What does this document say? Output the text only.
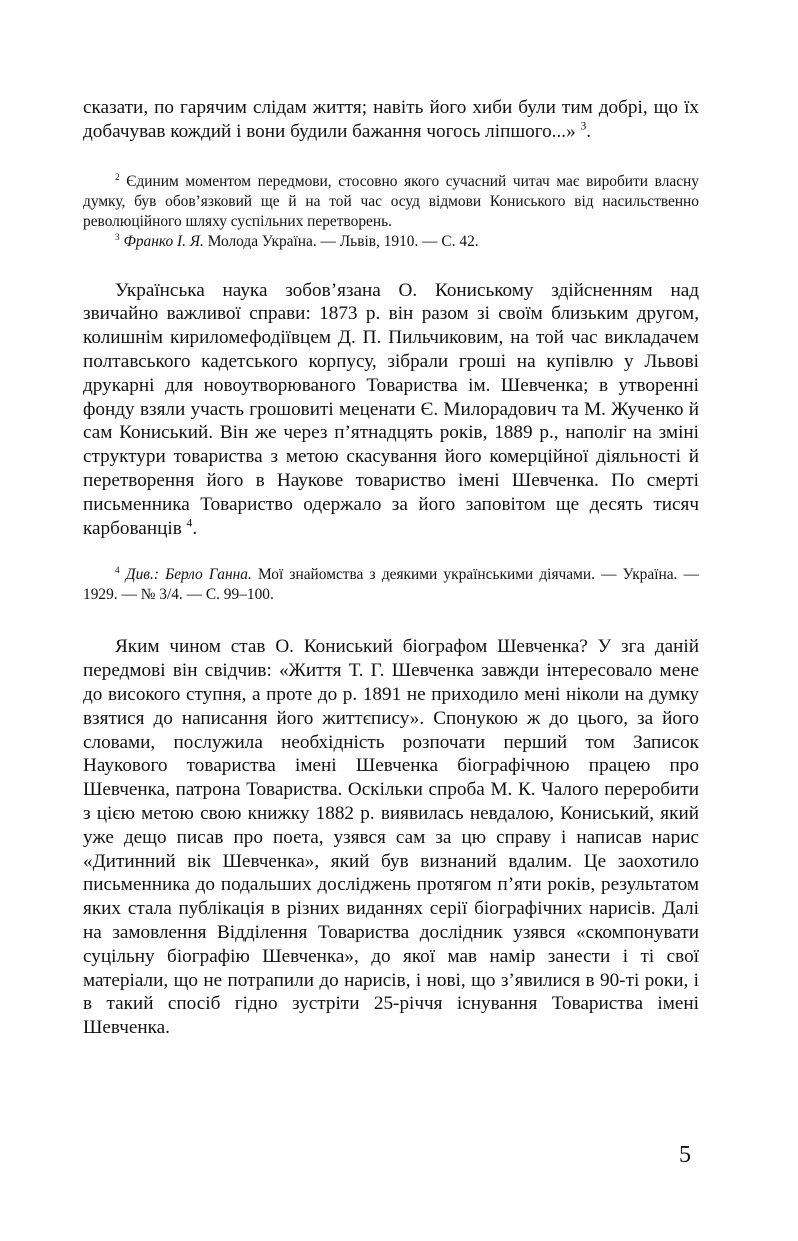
сказати, по гарячим слідам життя; навіть його хиби були тим добрі, що їх добачував кождий і вони будили бажання чогось ліпшого...» $^3$.

$^2$ Єдиним моментом передмови, стосовно якого сучасний читач має виробити власну думку, був обов’язковий ще й на той час осуд відмови Кониського від насильственно революційного шляху суспільних перетворень.

$^3$ Франко І. Я. Молода Україна. — Львів, 1910. — С. 42.

Українська наука зобов’язана О. Кониському здійсненням над звичайно важливої справи: 1873 р. він разом зі своїм близьким другом, колишнім кириломефодіївцем Д. П. Пильчиковим, на той час викладачем полтавського кадетського корпусу, зібрали гроші на купівлю у Львові друкарні для новоутворюваного Товариства ім. Шевченка; в утворенні фонду взяли участь грошовиті меценати Є. Милорадович та М. Жученко й сам Кониський. Він же через п’ятнадцять років, 1889 р., наполіг на зміні структури товариства з метою скасування його комерційної діяльності й перетворення його в Наукове товариство імені Шевченка. По смерті письменника Товариство одержало за його заповітом ще десять тисяч карбованців $^4$.

$^4$ Див.: Берло Ганна. Мої знайомства з деякими українськими діячами. — Україна. — 1929. — № 3/4. — С. 99–100.

Яким чином став О. Кониський біографом Шевченка? У зга даній передмові він свідчив: «Життя Т. Г. Шевченка завжди інтересовало мене до високого ступня, а проте до р. 1891 не приходило мені ніколи на думку взятися до написання його життєпису». Спонукою ж до цього, за його словами, послужила необхідність розпочати перший том Записок Наукового товариства імені Шевченка біографічною працею про Шевченка, патрона Товариства. Оскільки спроба М. К. Чалого переробити з цією метою свою книжку 1882 р. виявилась невдалою, Кониський, який уже дещо писав про поета, узявся сам за цю справу і написав нарис «Дитинний вік Шевченка», який був визнаний вдалим. Це заохотило письменника до подальших досліджень протягом п’яти років, результатом яких стала публікація в різних виданнях серії біографічних нарисів. Далі на замовлення Відділення Товариства дослідник узявся «скомпонувати суцільну біографію Шевченка», до якої мав намір занести і ті свої матеріали, що не потрапили до нарисів, і нові, що з’явилися в 90-ті роки, і в такий спосіб гідно зустріти 25-річчя існування Товариства імені Шевченка.

5
